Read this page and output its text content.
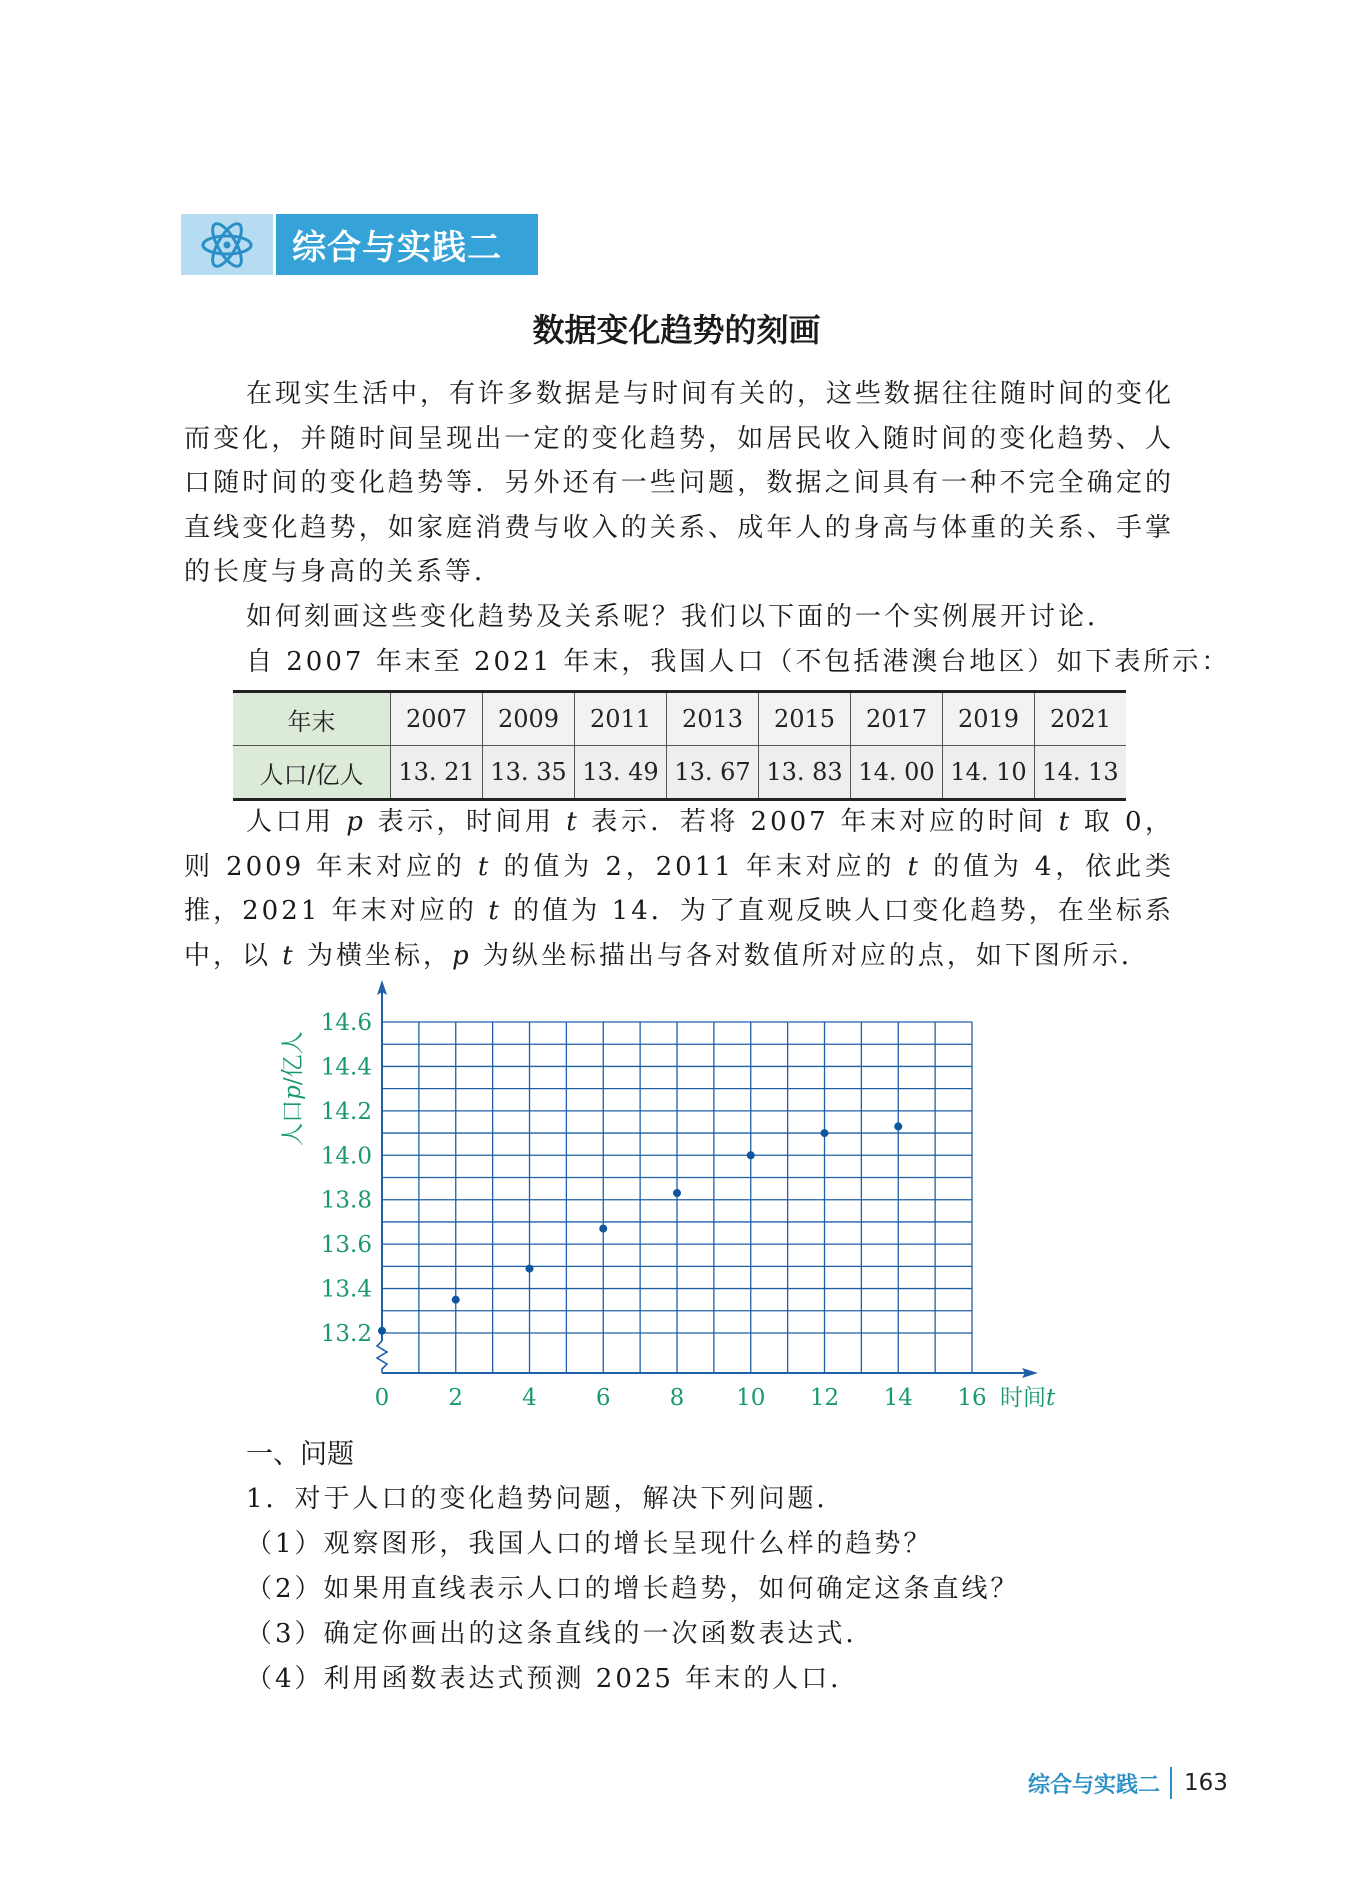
综合与实践二
数据变化趋势的刻画

在现实生活中，有许多数据是与时间有关的，这些数据往往随时间的变化而变化，并随时间呈现出一定的变化趋势，如居民收入随时间的变化趋势、人口随时间的变化趋势等．另外还有一些问题，数据之间具有一种不完全确定的直线变化趋势，如家庭消费与收入的关系、成年人的身高与体重的关系、手掌的长度与身高的关系等．

如何刻画这些变化趋势及关系呢？我们以下面的一个实例展开讨论．
自 2007 年末至 2021 年末，我国人口（不包括港澳台地区）如下表所示：
年末	2007	2009	2011	2013	2015	2017	2019	2021
人口/亿人	13. 21	13. 35	13. 49	13. 67	13. 83	14. 00	14. 10	14. 13

人口用 p 表示，时间用 t 表示．若将 2007 年末对应的时间 t 取 0，则 2009 年末对应的 t 的值为 2，2011 年末对应的 t 的值为 4，依此类推，2021 年末对应的 t 的值为 14．为了直观反映人口变化趋势，在坐标系中，以 t 为横坐标，p 为纵坐标描出与各对数值所对应的点，如下图所示．

13.2
13.4
13.6
13.8
14.0
14.2
14.4
14.6
0	2	4	6	8 10 12 14 16 时间t
人口p/亿人
一、问题
1．对于人口的变化趋势问题，解决下列问题．
（1）观察图形，我国人口的增长呈现什么样的趋势？
（2）如果用直线表示人口的增长趋势，如何确定这条直线？
（3）确定你画出的这条直线的一次函数表达式．
（4）利用函数表达式预测 2025 年末的人口．
综合与实践二 163
